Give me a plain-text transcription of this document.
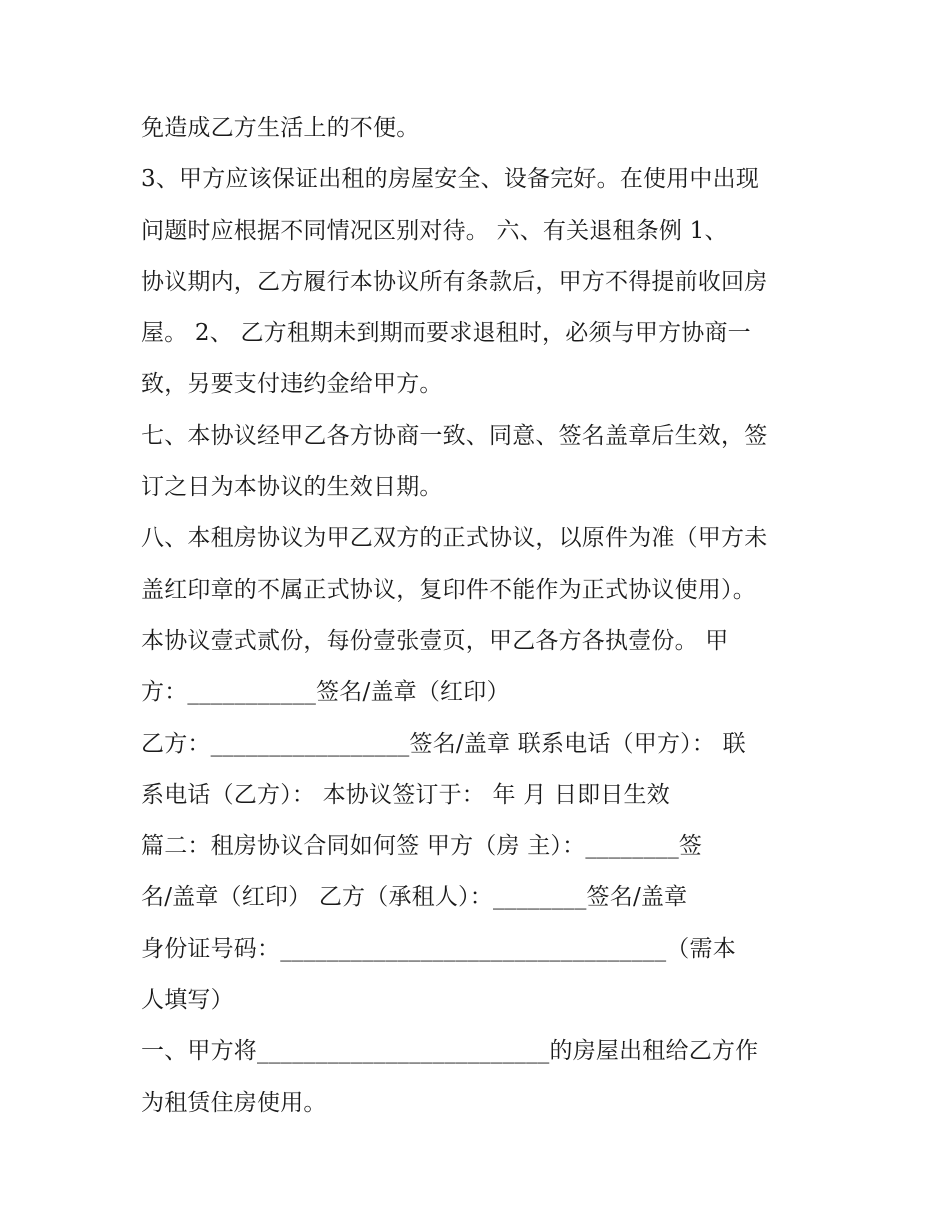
免造成乙方生活上的不便。
3、甲方应该保证出租的房屋安全、设备完好。在使用中出现
问题时应根据不同情况区别对待。 六、有关退租条例 1、
协议期内，乙方履行本协议所有条款后，甲方不得提前收回房
屋。 2、 乙方租期未到期而要求退租时，必须与甲方协商一
致，另要支付违约金给甲方。
七、本协议经甲乙各方协商一致、同意、签名盖章后生效，签
订之日为本协议的生效日期。
八、本租房协议为甲乙双方的正式协议，以原件为准（甲方未
盖红印章的不属正式协议，复印件不能作为正式协议使用）。
本协议壹式贰份，每份壹张壹页，甲乙各方各执壹份。 甲
方：___________签名/盖章（红印）
乙方：_________________签名/盖章 联系电话（甲方）： 联
系电话（乙方）： 本协议签订于： 年 月 日即日生效
篇二：租房协议合同如何签 甲方（房 主）：________签
名/盖章（红印） 乙方（承租人）：________签名/盖章
身份证号码：_________________________________（需本
人填写）
一、甲方将_________________________的房屋出租给乙方作
为租赁住房使用。
